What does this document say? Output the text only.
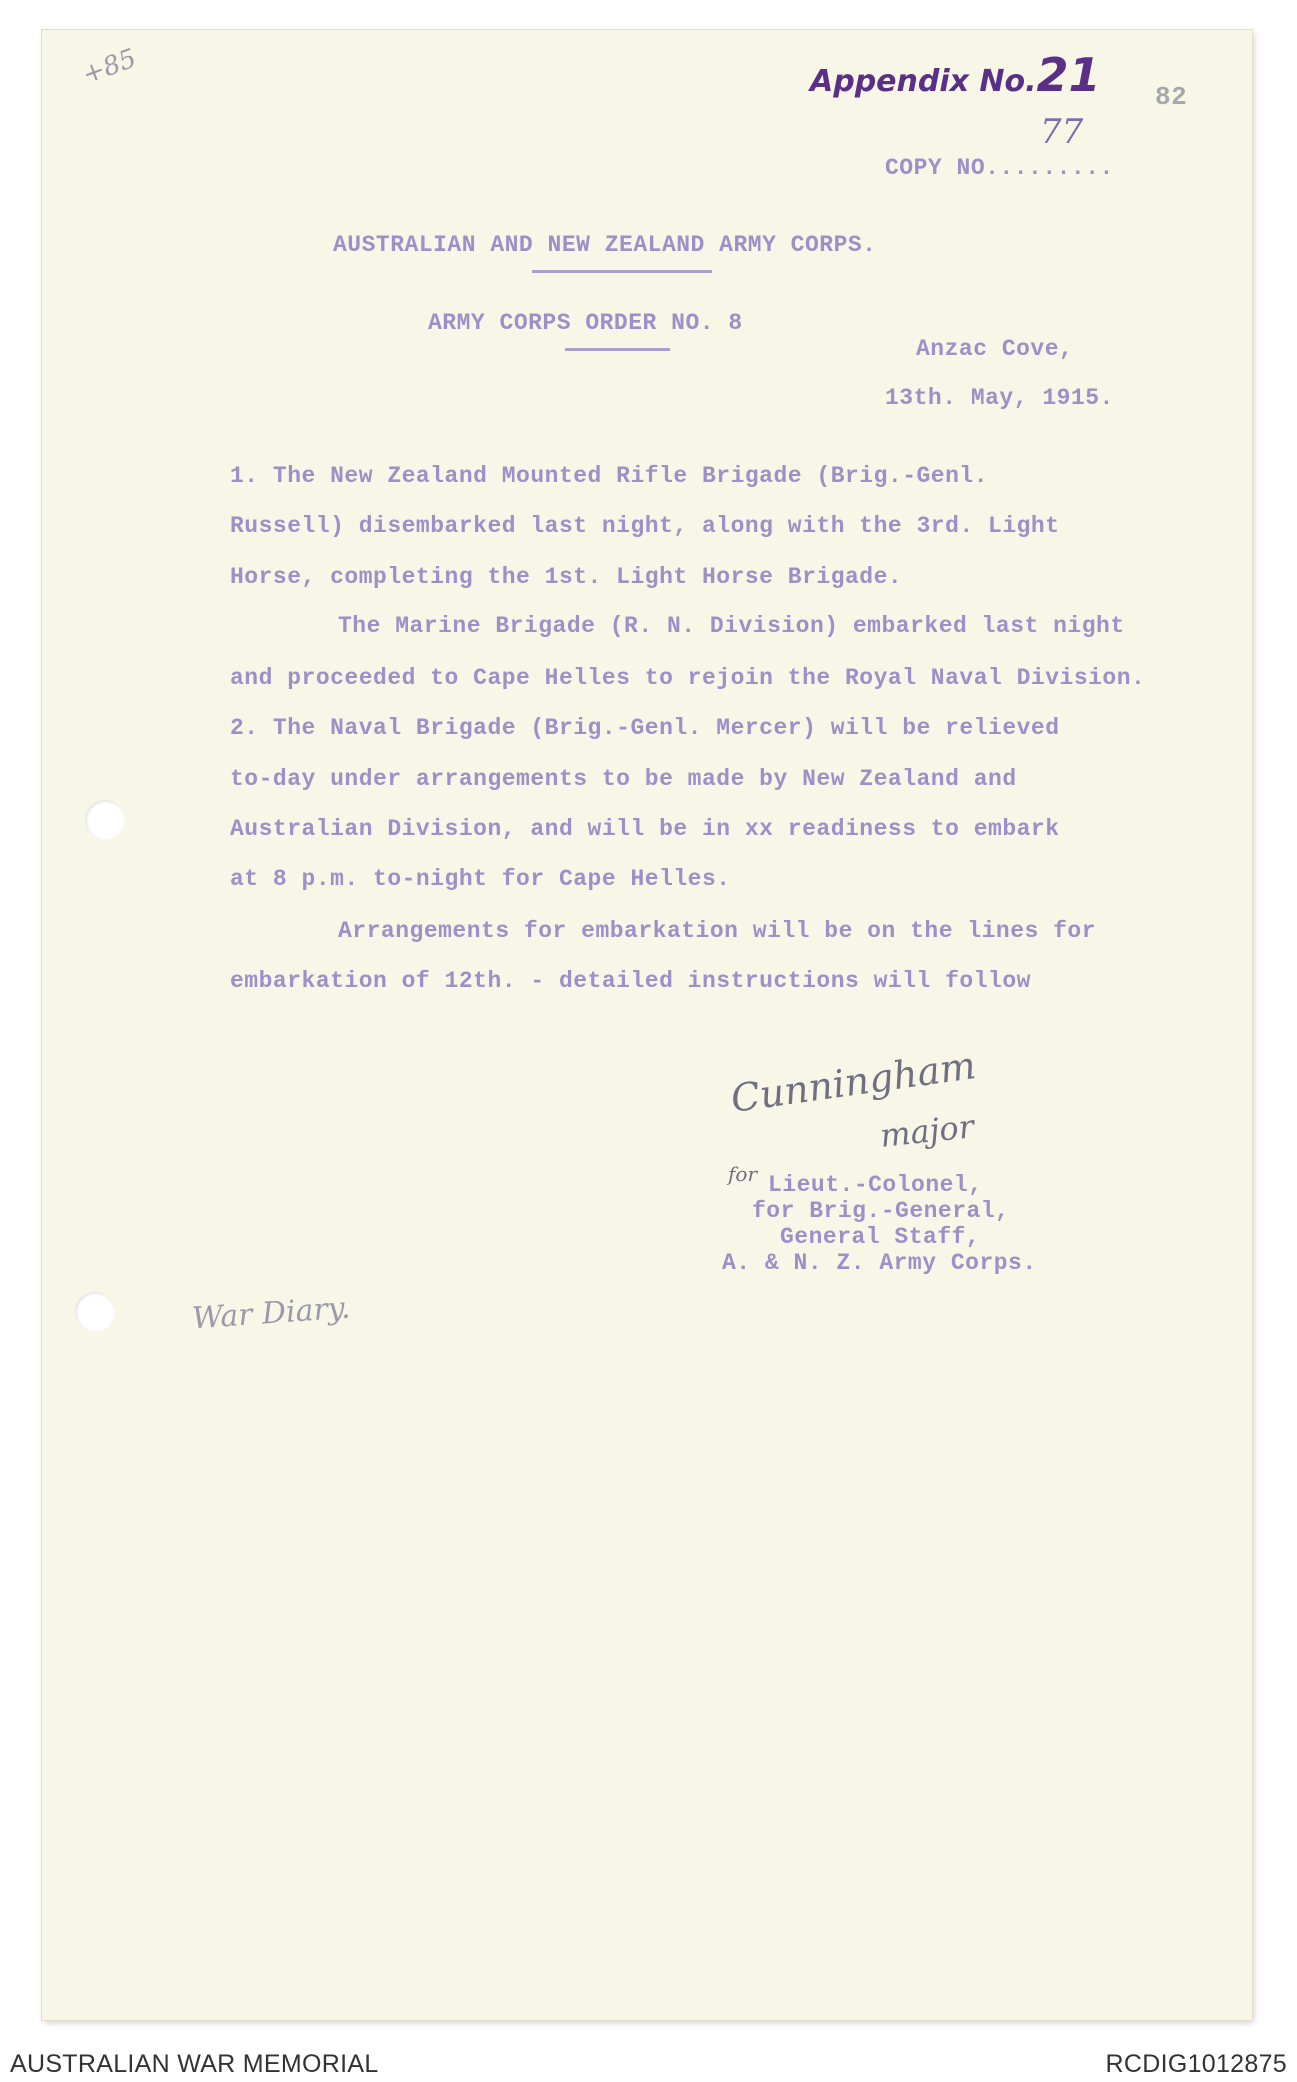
+85	Appendix No.21 82
77
COPY NO.........
AUSTRALIAN AND NEW ZEALAND ARMY CORPS.
ARMY CORPS ORDER NO. 8
Anzac Cove,
13th. May, 1915.
1. The New Zealand Mounted Rifle Brigade (Brig.-Genl.
Russell) disembarked last night, along with the 3rd. Light
Horse, completing the 1st. Light Horse Brigade.
The Marine Brigade (R. N. Division) embarked last night
and proceeded to Cape Helles to rejoin the Royal Naval Division.
2. The Naval Brigade (Brig.-Genl. Mercer) will be relieved
to-day under arrangements to be made by New Zealand and
Australian Division, and will be in xx readiness to embark
at 8 p.m. to-night for Cape Helles.
Arrangements for embarkation will be on the lines for
embarkation of 12th. - detailed instructions will follow
Cunningham
major
for Lieut.-Colonel,
for Brig.-General,
General Staff,
A. & N. Z. Army Corps.
War Diary.
AUSTRALIAN WAR MEMORIAL	RCDIG1012875
